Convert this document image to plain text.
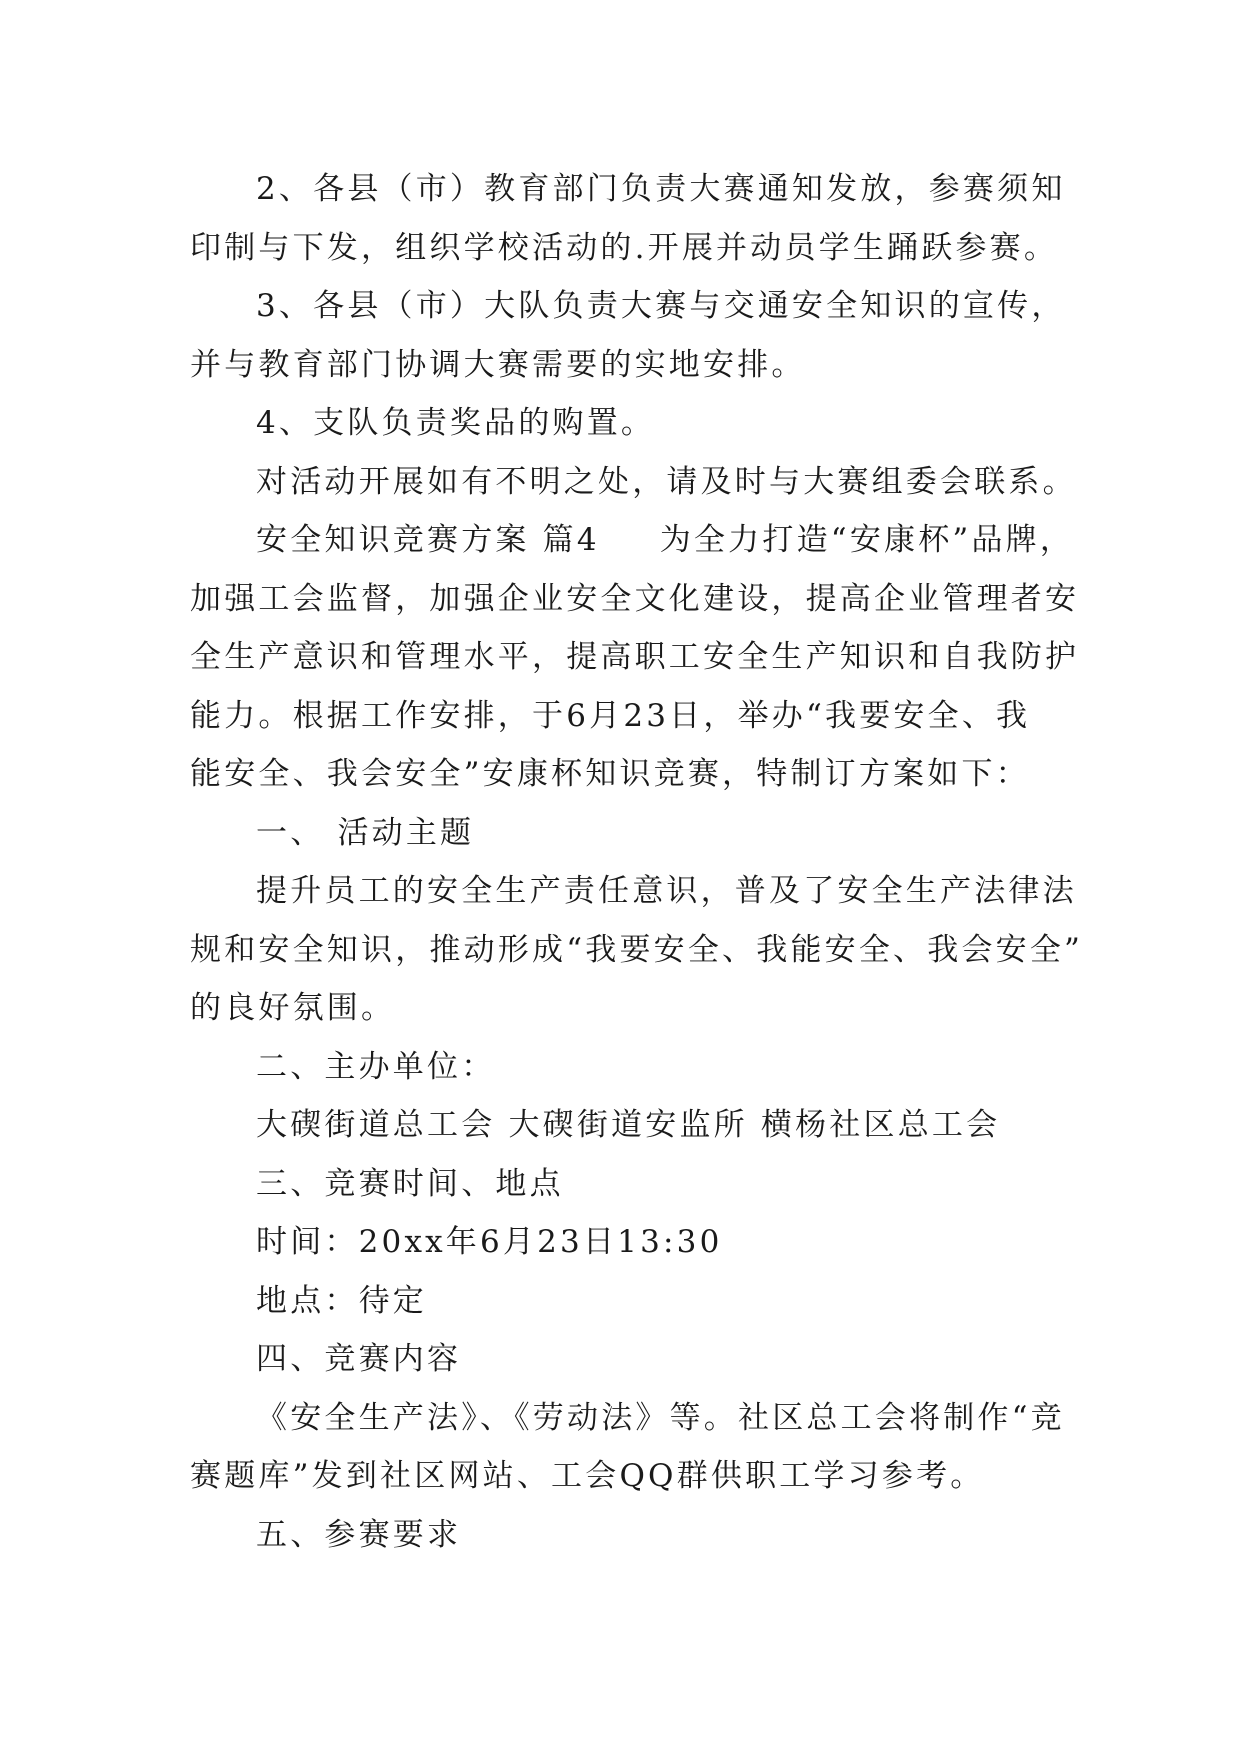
2、各县（市）教育部门负责大赛通知发放，参赛须知

印制与下发，组织学校活动的.开展并动员学生踊跃参赛。

3、各县（市）大队负责大赛与交通安全知识的宣传，

并与教育部门协调大赛需要的实地安排。

4、支队负责奖品的购置。

对活动开展如有不明之处，请及时与大赛组委会联系。

安全知识竞赛方案 篇4 为全力打造“安康杯”品牌，

加强工会监督，加强企业安全文化建设，提高企业管理者安

全生产意识和管理水平，提高职工安全生产知识和自我防护

能力。根据工作安排，于6月23日，举办“我要安全、我

能安全、我会安全”安康杯知识竞赛，特制订方案如下：

一、 活动主题

提升员工的安全生产责任意识，普及了安全生产法律法

规和安全知识，推动形成“我要安全、我能安全、我会安全”

的良好氛围。

二、主办单位：

大碶街道总工会 大碶街道安监所 横杨社区总工会

三、竞赛时间、地点

时间：20xx年6月23日13:30

地点：待定

四、竞赛内容

《安全生产法》、《劳动法》等。社区总工会将制作“竞

赛题库”发到社区网站、工会QQ群供职工学习参考。

五、参赛要求
